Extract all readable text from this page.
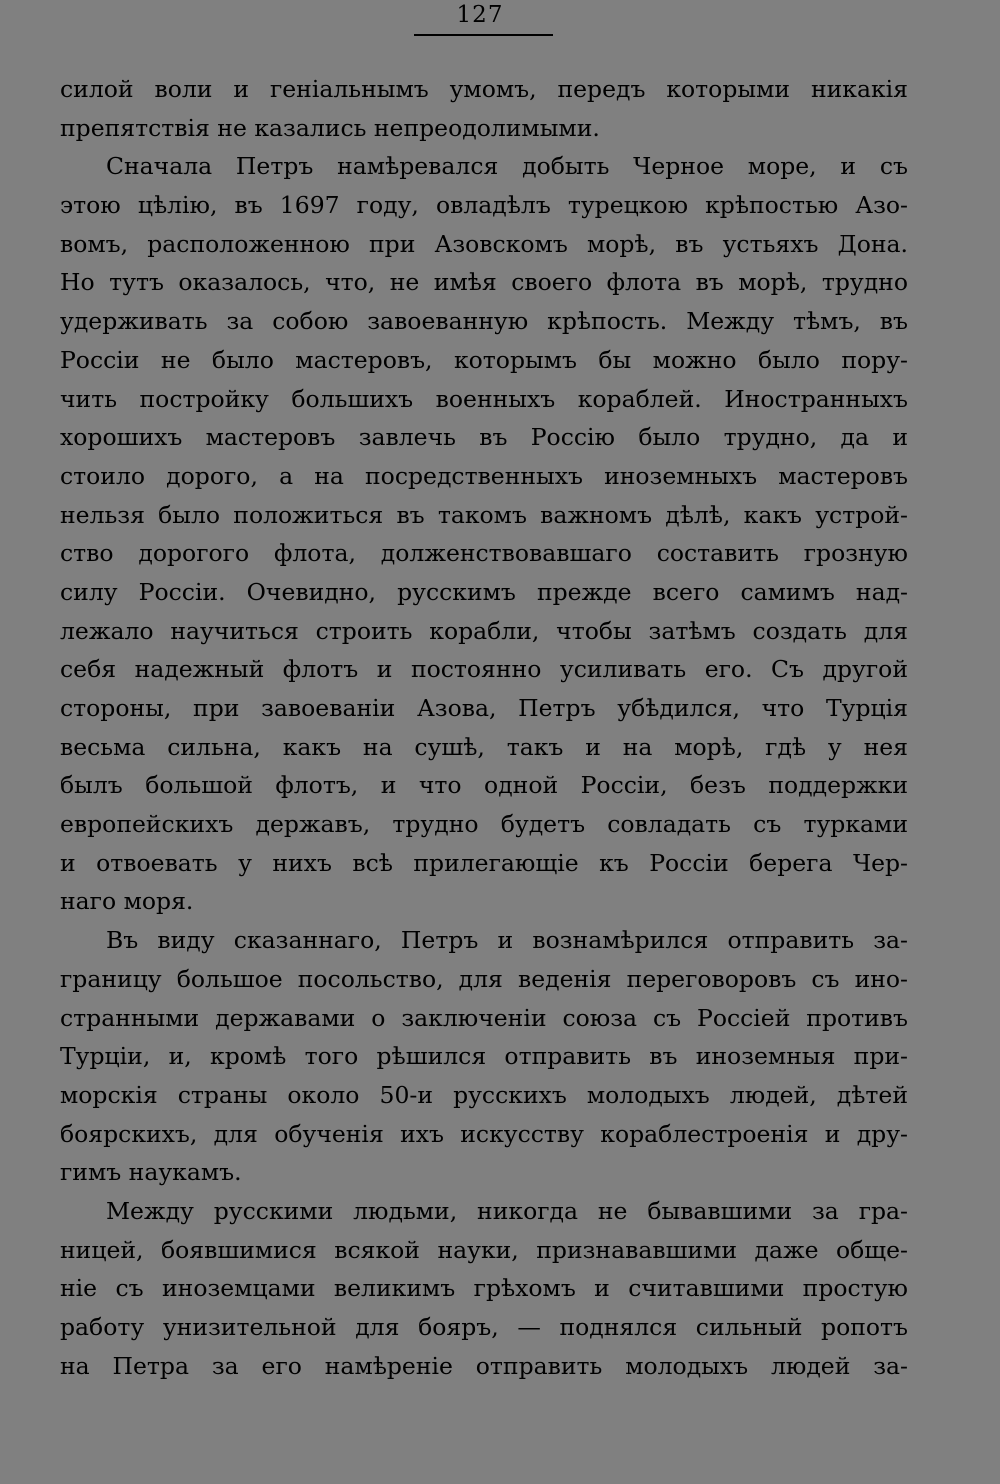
127
силой воли и геніальнымъ умомъ, передъ которыми никакія
препятствія не казались непреодолимыми.
Сначала Петръ намѣревался добыть Черное море, и съ
этою цѣлію, въ 1697 году, овладѣлъ турецкою крѣпостью Азо-
вомъ, расположенною при Азовскомъ морѣ, въ устьяхъ Дона.
Но тутъ оказалось, что, не имѣя своего флота въ морѣ, трудно
удерживать за собою завоеванную крѣпость. Между тѣмъ, въ
Россіи не было мастеровъ, которымъ бы можно было пору-
чить постройку большихъ военныхъ кораблей. Иностранныхъ
хорошихъ мастеровъ завлечь въ Россію было трудно, да и
стоило дорого, а на посредственныхъ иноземныхъ мастеровъ
нельзя было положиться въ такомъ важномъ дѣлѣ, какъ устрой-
ство дорогого флота, долженствовавшаго составить грозную
силу Россіи. Очевидно, русскимъ прежде всего самимъ над-
лежало научиться строить корабли, чтобы затѣмъ создать для
себя надежный флотъ и постоянно усиливать его. Съ другой
стороны, при завоеваніи Азова, Петръ убѣдился, что Турція
весьма сильна, какъ на сушѣ, такъ и на морѣ, гдѣ у нея
былъ большой флотъ, и что одной Россіи, безъ поддержки
европейскихъ державъ, трудно будетъ совладать съ турками
и отвоевать у нихъ всѣ прилегающіе къ Россіи берега Чер-
наго моря.
Въ виду сказаннаго, Петръ и вознамѣрился отправить за-
границу большое посольство, для веденія переговоровъ съ ино-
странными державами о заключеніи союза съ Россіей противъ
Турціи, и, кромѣ того рѣшился отправить въ иноземныя при-
морскія страны около 50-и русскихъ молодыхъ людей, дѣтей
боярскихъ, для обученія ихъ искусству кораблестроенія и дру-
гимъ наукамъ.
Между русскими людьми, никогда не бывавшими за гра-
ницей, боявшимися всякой науки, признававшими даже обще-
ніе съ иноземцами великимъ грѣхомъ и считавшими простую
работу унизительной для бояръ, — поднялся сильный ропотъ
на Петра за его намѣреніе отправить молодыхъ людей за-
